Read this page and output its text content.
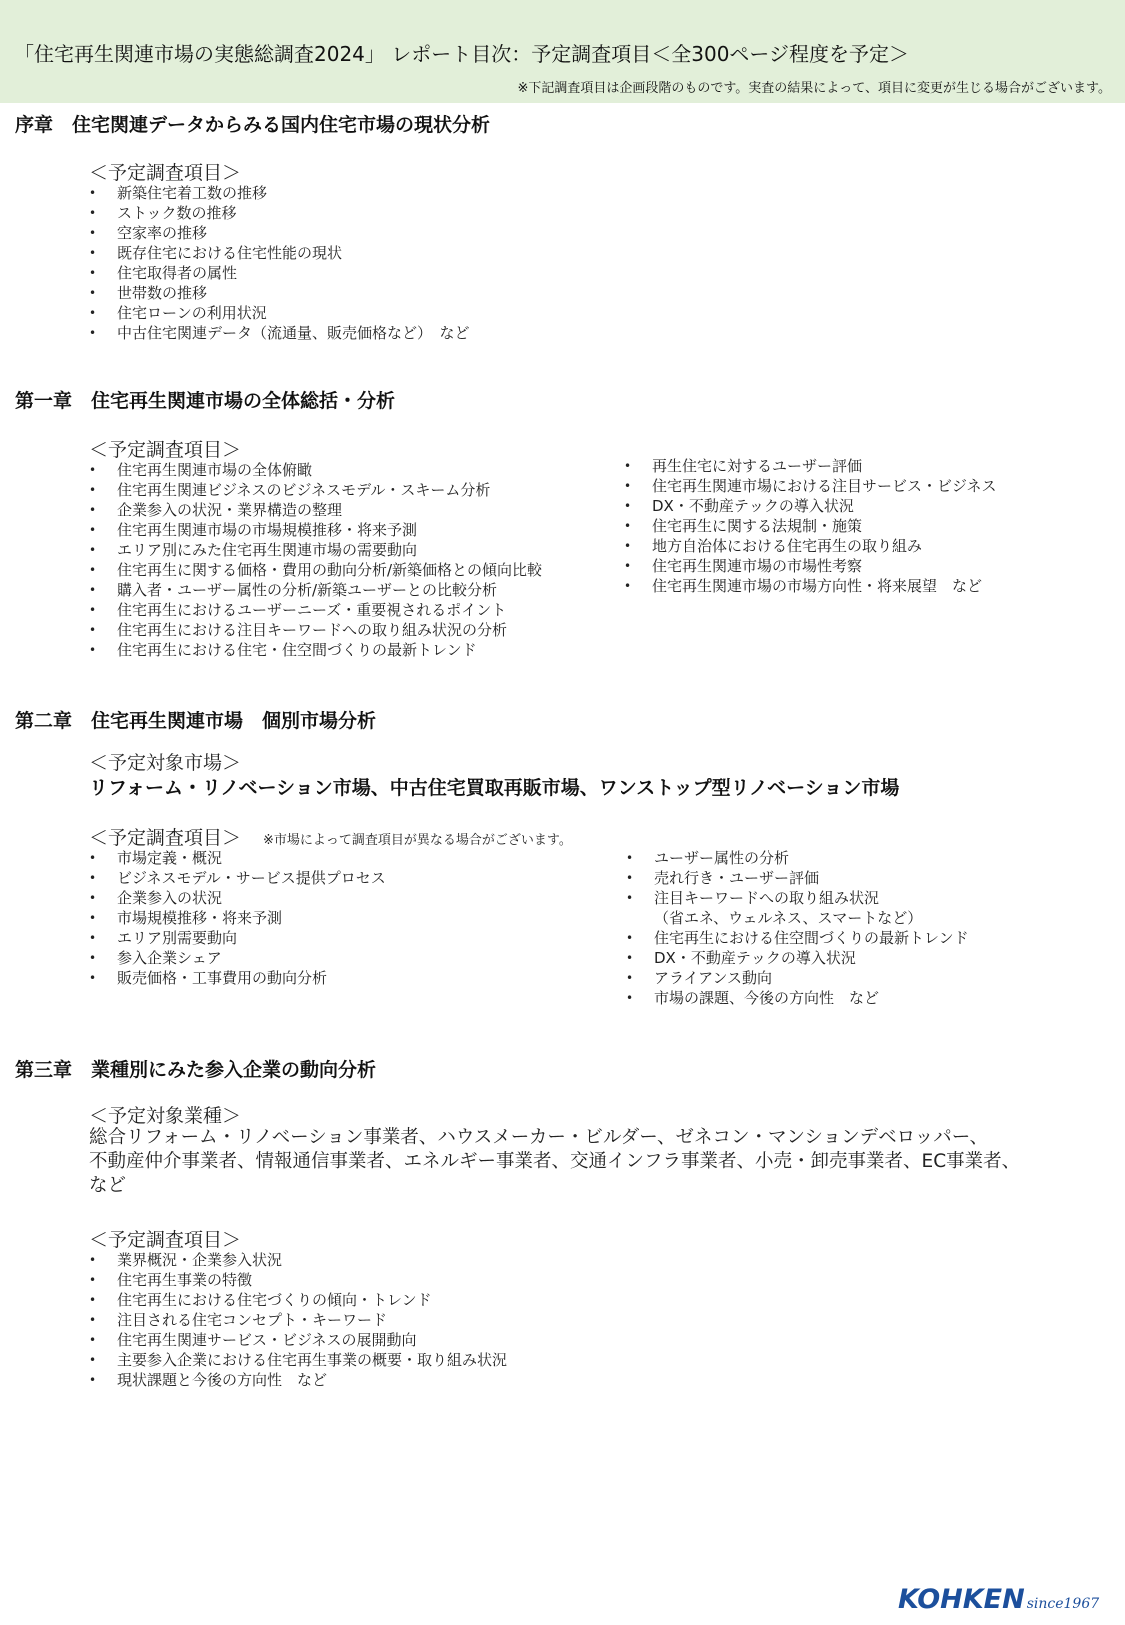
「住宅再生関連市場の実態総調査2024」 レポート目次：予定調査項目＜全300ページ程度を予定＞
※下記調査項目は企画段階のものです。実査の結果によって、項目に変更が生じる場合がございます。
序章　住宅関連データからみる国内住宅市場の現状分析
＜予定調査項目＞
• 新築住宅着工数の推移
• ストック数の推移
• 空家率の推移
• 既存住宅における住宅性能の現状
• 住宅取得者の属性
• 世帯数の推移
• 住宅ローンの利用状況
• 中古住宅関連データ（流通量、販売価格など）　など
第一章　住宅再生関連市場の全体総括・分析
＜予定調査項目＞
• 住宅再生関連市場の全体俯瞰
• 住宅再生関連ビジネスのビジネスモデル・スキーム分析
• 企業参入の状況・業界構造の整理
• 住宅再生関連市場の市場規模推移・将来予測
• エリア別にみた住宅再生関連市場の需要動向
• 住宅再生に関する価格・費用の動向分析/新築価格との傾向比較
• 購入者・ユーザー属性の分析/新築ユーザーとの比較分析
• 住宅再生におけるユーザーニーズ・重要視されるポイント
• 住宅再生における注目キーワードへの取り組み状況の分析
• 住宅再生における住宅・住空間づくりの最新トレンド
• 再生住宅に対するユーザー評価
• 住宅再生関連市場における注目サービス・ビジネス
• DX・不動産テックの導入状況
• 住宅再生に関する法規制・施策
• 地方自治体における住宅再生の取り組み
• 住宅再生関連市場の市場性考察
• 住宅再生関連市場の市場方向性・将来展望　など
第二章　住宅再生関連市場　個別市場分析
＜予定対象市場＞
リフォーム・リノベーション市場、中古住宅買取再販市場、ワンストップ型リノベーション市場
＜予定調査項目＞ ※市場によって調査項目が異なる場合がございます。
• 市場定義・概況
• ビジネスモデル・サービス提供プロセス
• 企業参入の状況
• 市場規模推移・将来予測
• エリア別需要動向
• 参入企業シェア
• 販売価格・工事費用の動向分析
• ユーザー属性の分析
• 売れ行き・ユーザー評価
• 注目キーワードへの取り組み状況
（省エネ、ウェルネス、スマートなど）
• 住宅再生における住空間づくりの最新トレンド
• DX・不動産テックの導入状況
• アライアンス動向
• 市場の課題、今後の方向性　など
第三章　業種別にみた参入企業の動向分析
＜予定対象業種＞
総合リフォーム・リノベーション事業者、ハウスメーカー・ビルダー、ゼネコン・マンションデベロッパー、
不動産仲介事業者、情報通信事業者、エネルギー事業者、交通インフラ事業者、小売・卸売事業者、EC事業者、
など
＜予定調査項目＞
• 業界概況・企業参入状況
• 住宅再生事業の特徴
• 住宅再生における住宅づくりの傾向・トレンド
• 注目される住宅コンセプト・キーワード
• 住宅再生関連サービス・ビジネスの展開動向
• 主要参入企業における住宅再生事業の概要・取り組み状況
• 現状課題と今後の方向性　など
KOHKEN since1967
